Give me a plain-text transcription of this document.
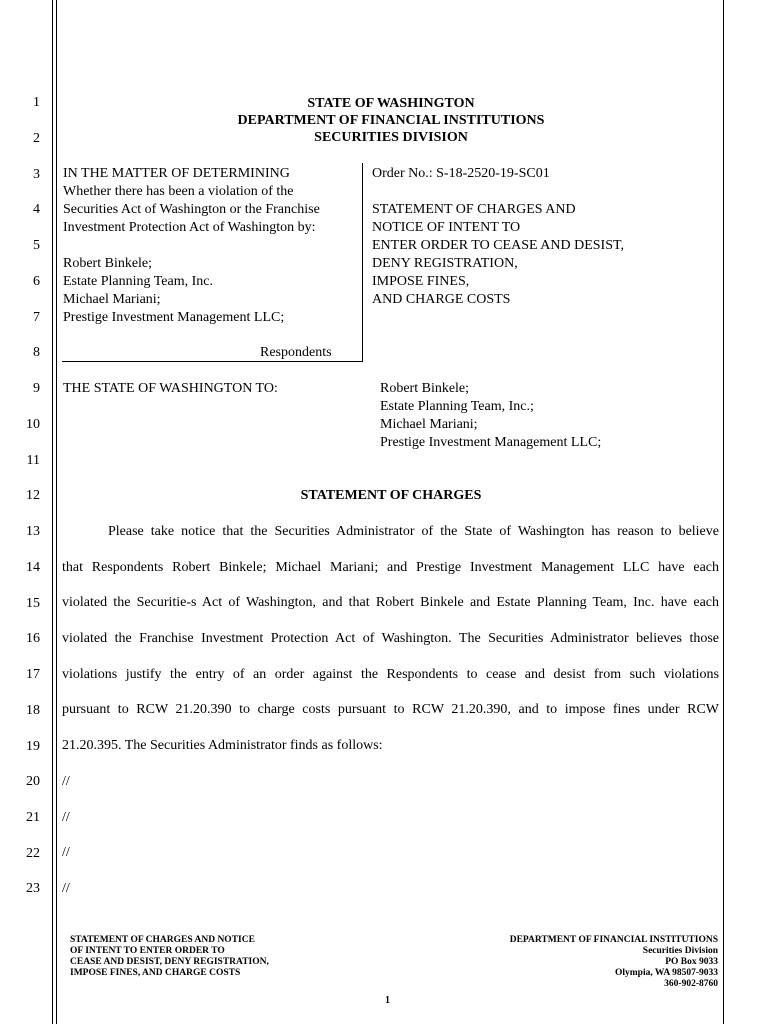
1
2
3
4
5
6
7
8
9
10
11
12
13
14
15
16
17
18
19
20
21
22
23
STATE OF WASHINGTON
DEPARTMENT OF FINANCIAL INSTITUTIONS
SECURITIES DIVISION
IN THE MATTER OF DETERMINING
Whether there has been a violation of the
Securities Act of Washington or the Franchise
Investment Protection Act of Washington by:
Robert Binkele;
Estate Planning Team, Inc.
Michael Mariani;
Prestige Investment Management LLC;
Respondents
Order No.: S-18-2520-19-SC01
STATEMENT OF CHARGES AND
NOTICE OF INTENT TO
ENTER ORDER TO CEASE AND DESIST,
DENY REGISTRATION,
IMPOSE FINES,
AND CHARGE COSTS
THE STATE OF WASHINGTON TO:	Robert Binkele;
Estate Planning Team, Inc.;
Michael Mariani;
Prestige Investment Management LLC;
STATEMENT OF CHARGES
Please take notice that the Securities Administrator of the State of Washington has reason to believe
that Respondents Robert Binkele; Michael Mariani; and Prestige Investment Management LLC have each
violated the Securitie-s Act of Washington, and that Robert Binkele and Estate Planning Team, Inc. have each
violated the Franchise Investment Protection Act of Washington. The Securities Administrator believes those
violations justify the entry of an order against the Respondents to cease and desist from such violations
pursuant to RCW 21.20.390 to charge costs pursuant to RCW 21.20.390, and to impose fines under RCW
21.20.395. The Securities Administrator finds as follows:
//
//
//
//
STATEMENT OF CHARGES AND NOTICE
OF INTENT TO ENTER ORDER TO
CEASE AND DESIST, DENY REGISTRATION,
IMPOSE FINES, AND CHARGE COSTS
DEPARTMENT OF FINANCIAL INSTITUTIONS
Securities Division
PO Box 9033
Olympia, WA 98507-9033
360-902-8760
1
